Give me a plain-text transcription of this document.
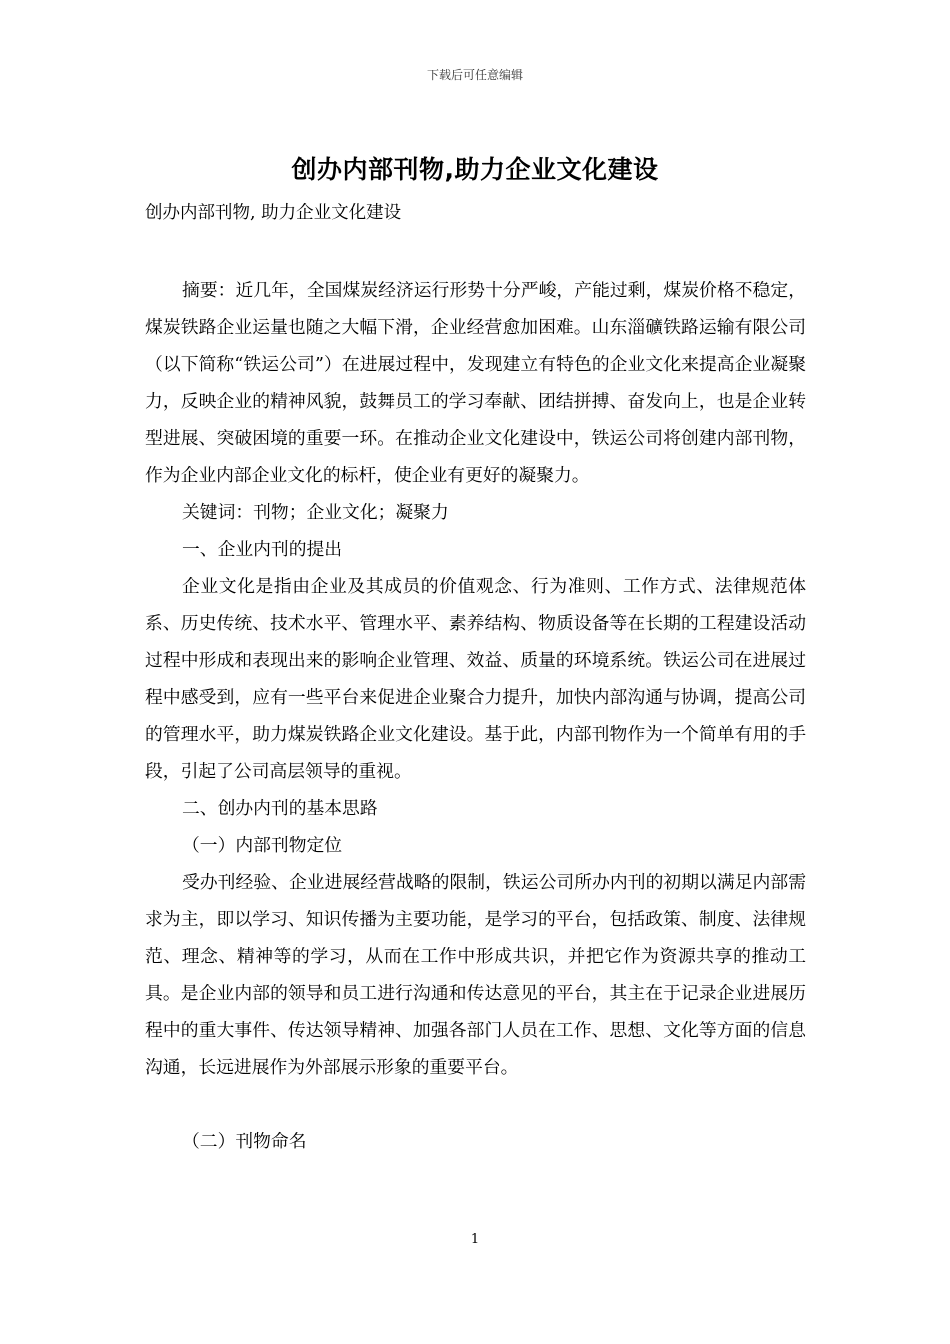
下载后可任意编辑
创办内部刊物,助力企业文化建设
创办内部刊物, 助力企业文化建设

摘要：近几年，全国煤炭经济运行形势十分严峻，产能过剩，煤炭价格不稳定，煤炭铁路企业运量也随之大幅下滑，企业经营愈加困难。山东淄礦铁路运输有限公司（以下简称“铁运公司”）在进展过程中，发现建立有特色的企业文化来提高企业凝聚力，反映企业的精神风貌，鼓舞员工的学习奉献、团结拼搏、奋发向上，也是企业转型进展、突破困境的重要一环。在推动企业文化建设中，铁运公司将创建内部刊物，作为企业内部企业文化的标杆，使企业有更好的凝聚力。

关键词：刊物；企业文化；凝聚力

一、企业内刊的提出

企业文化是指由企业及其成员的价值观念、行为准则、工作方式、法律规范体系、历史传统、技术水平、管理水平、素养结构、物质设备等在长期的工程建设活动过程中形成和表现出来的影响企业管理、效益、质量的环境系统。铁运公司在进展过程中感受到，应有一些平台来促进企业聚合力提升，加快内部沟通与协调，提高公司的管理水平，助力煤炭铁路企业文化建设。基于此，内部刊物作为一个简单有用的手段，引起了公司高层领导的重视。

二、创办内刊的基本思路

（一）内部刊物定位

受办刊经验、企业进展经营战略的限制，铁运公司所办内刊的初期以满足内部需求为主，即以学习、知识传播为主要功能，是学习的平台，包括政策、制度、法律规范、理念、精神等的学习，从而在工作中形成共识，并把它作为资源共享的推动工具。是企业内部的领导和员工进行沟通和传达意见的平台，其主在于记录企业进展历程中的重大事件、传达领导精神、加强各部门人员在工作、思想、文化等方面的信息沟通，长远进展作为外部展示形象的重要平台。

（二）刊物命名

1
